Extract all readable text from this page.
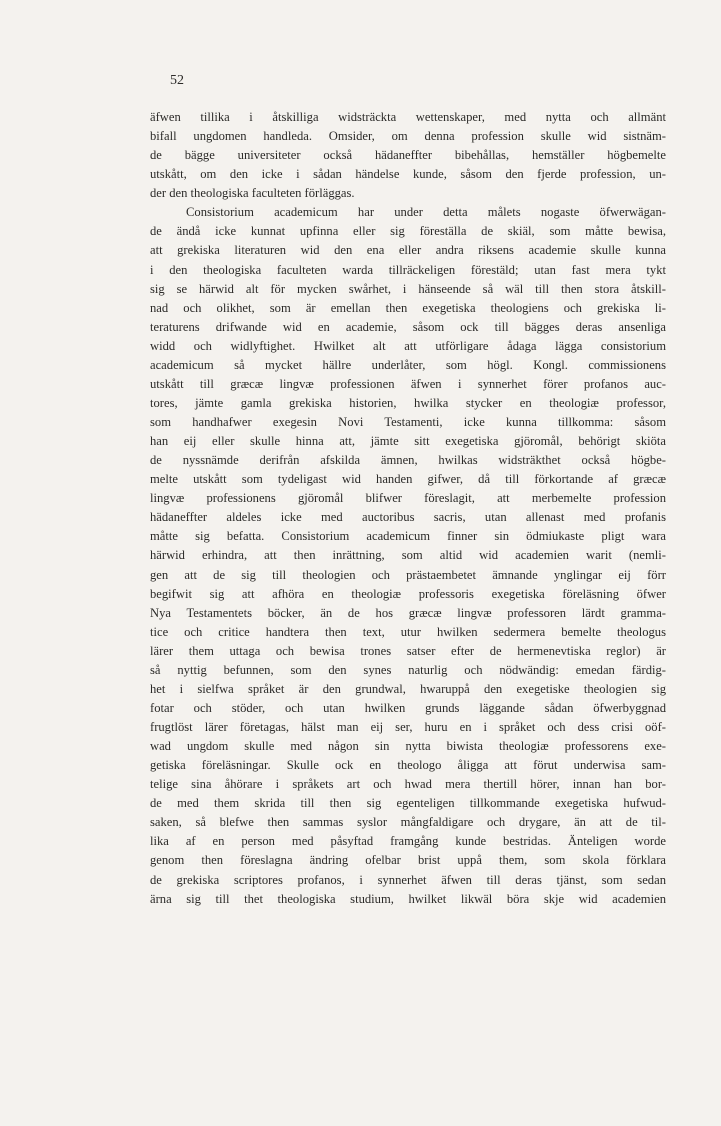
52
äfwen tillika i åtskilliga widsträckta wettenskaper, med nytta och allmänt
bifall ungdomen handleda. Omsider, om denna profession skulle wid sistnäm-
de bägge universiteter också hädaneffter bibehållas, hemställer högbemelte
utskått, om den icke i sådan händelse kunde, såsom den fjerde profession, un-
der den theologiska faculteten förläggas.
Consistorium academicum har under detta målets nogaste öfwerwägan-
de ändå icke kunnat upfinna eller sig föreställa de skiäl, som måtte bewisa,
att grekiska literaturen wid den ena eller andra riksens academie skulle kunna
i den theologiska faculteten warda tillräckeligen förestäld; utan fast mera tykt
sig se härwid alt för mycken swårhet, i hänseende så wäl till then stora åtskill-
nad och olikhet, som är emellan then exegetiska theologiens och grekiska li-
teraturens drifwande wid en academie, såsom ock till bägges deras ansenliga
widd och widlyftighet. Hwilket alt att utförligare ådaga lägga consistorium
academicum så mycket hällre underlåter, som högl. Kongl. commissionens
utskått till græcæ lingvæ professionen äfwen i synnerhet förer profanos auc-
tores, jämte gamla grekiska historien, hwilka stycker en theologiæ professor,
som handhafwer exegesin Novi Testamenti, icke kunna tillkomma: såsom
han eij eller skulle hinna att, jämte sitt exegetiska gjöromål, behörigt skiöta
de nyssnämde derifrån afskilda ämnen, hwilkas widsträkthet också högbe-
melte utskått som tydeligast wid handen gifwer, då till förkortande af græcæ
lingvæ professionens gjöromål blifwer föreslagit, att merbemelte profession
hädaneffter aldeles icke med auctoribus sacris, utan allenast med profanis
måtte sig befatta. Consistorium academicum finner sin ödmiukaste pligt wara
härwid erhindra, att then inrättning, som altid wid academien warit (nemli-
gen att de sig till theologien och prästaembetet ämnande ynglingar eij förr
begifwit sig att afhöra en theologiæ professoris exegetiska föreläsning öfwer
Nya Testamentets böcker, än de hos græcæ lingvæ professoren lärdt gramma-
tice och critice handtera then text, utur hwilken sedermera bemelte theologus
lärer them uttaga och bewisa trones satser efter de hermenevtiska reglor) är
så nyttig befunnen, som den synes naturlig och nödwändig: emedan färdig-
het i sielfwa språket är den grundwal, hwaruppå den exegetiske theologien sig
fotar och stöder, och utan hwilken grunds läggande sådan öfwerbyggnad
frugtlöst lärer företagas, hälst man eij ser, huru en i språket och dess crisi oöf-
wad ungdom skulle med någon sin nytta biwista theologiæ professorens exe-
getiska föreläsningar. Skulle ock en theologo åligga att förut underwisa sam-
telige sina åhörare i språkets art och hwad mera thertill hörer, innan han bor-
de med them skrida till then sig egenteligen tillkommande exegetiska hufwud-
saken, så blefwe then sammas syslor mångfaldigare och drygare, än att de til-
lika af en person med påsyftad framgång kunde bestridas. Änteligen worde
genom then föreslagna ändring ofelbar brist uppå them, som skola förklara
de grekiska scriptores profanos, i synnerhet äfwen till deras tjänst, som sedan
ärna sig till thet theologiska studium, hwilket likwäl böra skje wid academien
